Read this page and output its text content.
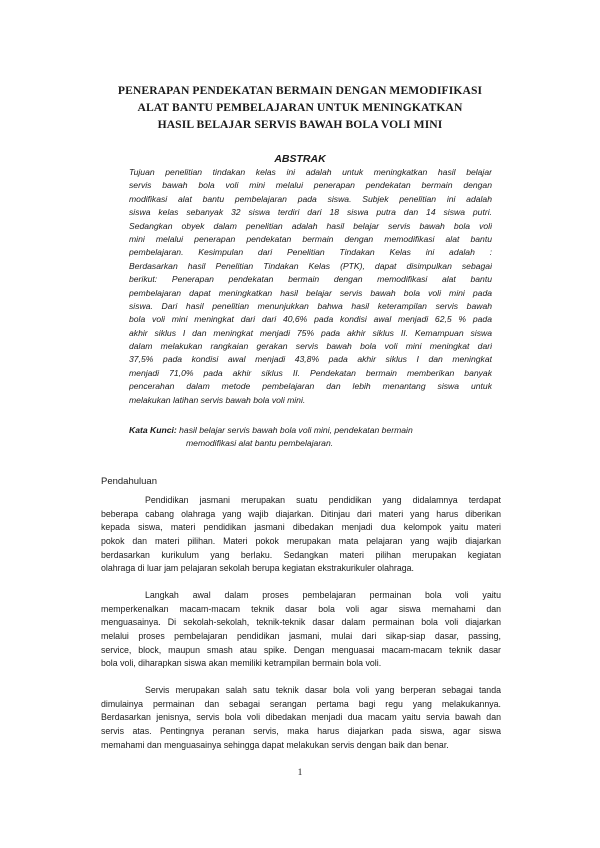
PENERAPAN PENDEKATAN BERMAIN DENGAN MEMODIFIKASI
ALAT BANTU PEMBELAJARAN UNTUK MENINGKATKAN
HASIL BELAJAR SERVIS BAWAH BOLA VOLI MINI
ABSTRAK
Tujuan penelitian tindakan kelas ini adalah untuk meningkatkan hasil belajar
servis bawah bola voli mini melalui penerapan pendekatan bermain dengan
modifikasi alat bantu pembelajaran pada siswa. Subjek penelitian ini adalah
siswa kelas sebanyak 32 siswa terdiri dari 18 siswa putra dan 14 siswa putri.
Sedangkan obyek dalam penelitian adalah hasil belajar servis bawah bola voli
mini melalui penerapan pendekatan bermain dengan memodifikasi alat bantu
pembelajaran. Kesimpulan dari Penelitian Tindakan Kelas ini adalah :
Berdasarkan hasil Penelitian Tindakan Kelas (PTK), dapat disimpulkan sebagai
berikut: Penerapan pendekatan bermain dengan memodifikasi alat bantu
pembelajaran dapat meningkatkan hasil belajar servis bawah bola voli mini pada
siswa. Dari hasil penelitian menunjukkan bahwa hasil keterampilan servis bawah
bola voli mini meningkat dari dari 40,6% pada kondisi awal menjadi 62,5 % pada
akhir siklus I dan meningkat menjadi 75% pada akhir siklus II. Kemampuan siswa
dalam melakukan rangkaian gerakan servis bawah bola voli mini meningkat dari
37,5% pada kondisi awal menjadi 43,8% pada akhir siklus I dan meningkat
menjadi 71,0% pada akhir siklus II. Pendekatan bermain memberikan banyak
pencerahan dalam metode pembelajaran dan lebih menantang siswa untuk
melakukan latihan servis bawah bola voli mini.
Kata Kunci: hasil belajar servis bawah bola voli mini, pendekatan bermain
memodifikasi alat bantu pembelajaran.
Pendahuluan
Pendidikan jasmani merupakan suatu pendidikan yang didalamnya terdapat
beberapa cabang olahraga yang wajib diajarkan. Ditinjau dari materi yang harus diberikan
kepada siswa, materi pendidikan jasmani dibedakan menjadi dua kelompok yaitu materi
pokok dan materi pilihan. Materi pokok merupakan mata pelajaran yang wajib diajarkan
berdasarkan kurikulum yang berlaku. Sedangkan materi pilihan merupakan kegiatan
olahraga di luar jam pelajaran sekolah berupa kegiatan ekstrakurikuler olahraga.
Langkah awal dalam proses pembelajaran permainan bola voli yaitu
memperkenalkan macam-macam teknik dasar bola voli agar siswa memahami dan
menguasainya. Di sekolah-sekolah, teknik-teknik dasar dalam permainan bola voli diajarkan
melalui proses pembelajaran pendidikan jasmani, mulai dari sikap-siap dasar, passing,
service, block, maupun smash atau spike. Dengan menguasai macam-macam teknik dasar
bola voli, diharapkan siswa akan memiliki ketrampilan bermain bola voli.
Servis merupakan salah satu teknik dasar bola voli yang berperan sebagai tanda
dimulainya permainan dan sebagai serangan pertama bagi regu yang melakukannya.
Berdasarkan jenisnya, servis bola voli dibedakan menjadi dua macam yaitu servia bawah dan
servis atas. Pentingnya peranan servis, maka harus diajarkan pada siswa, agar siswa
memahami dan menguasainya sehingga dapat melakukan servis dengan baik dan benar.
1
